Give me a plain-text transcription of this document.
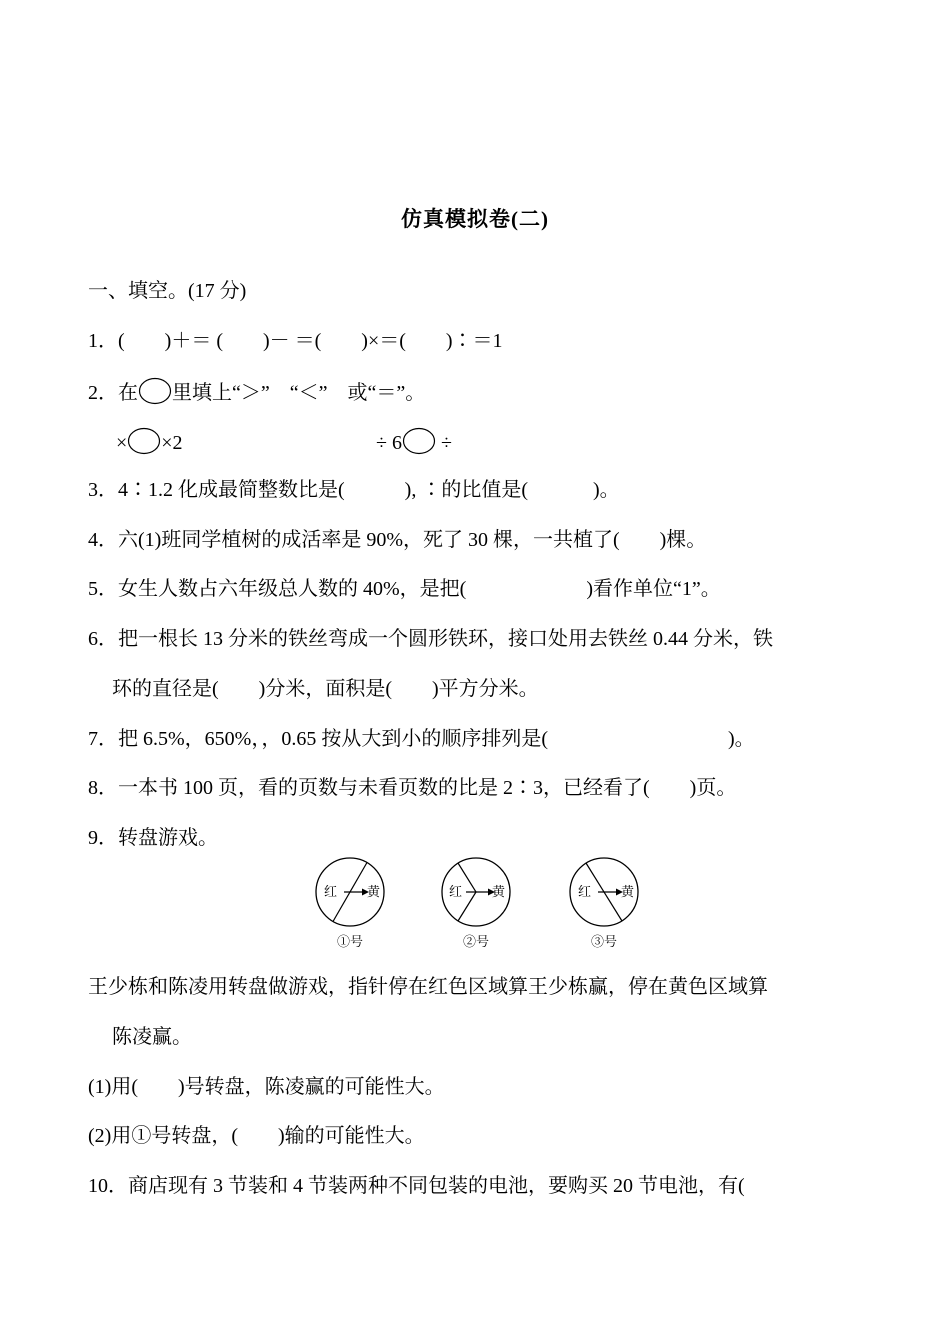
仿真模拟卷(二)
一、填空。(17 分)
1．(　　)＋＝ (　　)－ ＝(　　)×＝(　　)∶＝1
2．在 里填上“＞”　“＜”　或“＝”。
× ×2	÷ 6 ÷
3．4∶1.2 化成最简整数比是(　　　), ∶的比值是(　　　 )。
4．六(1)班同学植树的成活率是 90%，死了 30 棵，一共植了(　　)棵。
5．女生人数占六年级总人数的 40%，是把(　　　　　　)看作单位“1”。
6．把一根长 13 分米的铁丝弯成一个圆形铁环，接口处用去铁丝 0.44 分米，铁
环的直径是(　　)分米，面积是(　　)平方分米。
7．把 6.5%，650%，，0.65 按从大到小的顺序排列是(　　　　　　　　　)。
8．一本书 100 页，看的页数与未看页数的比是 2∶3，已经看了(　　)页。
9．转盘游戏。
红 黄
①号
红 黄
②号
红 黄
③号
王少栋和陈凌用转盘做游戏，指针停在红色区域算王少栋赢，停在黄色区域算
陈凌赢。
(1)用(　　)号转盘，陈凌赢的可能性大。
(2)用①号转盘，(　　)输的可能性大。
10．商店现有 3 节装和 4 节装两种不同包装的电池，要购买 20 节电池，有(
